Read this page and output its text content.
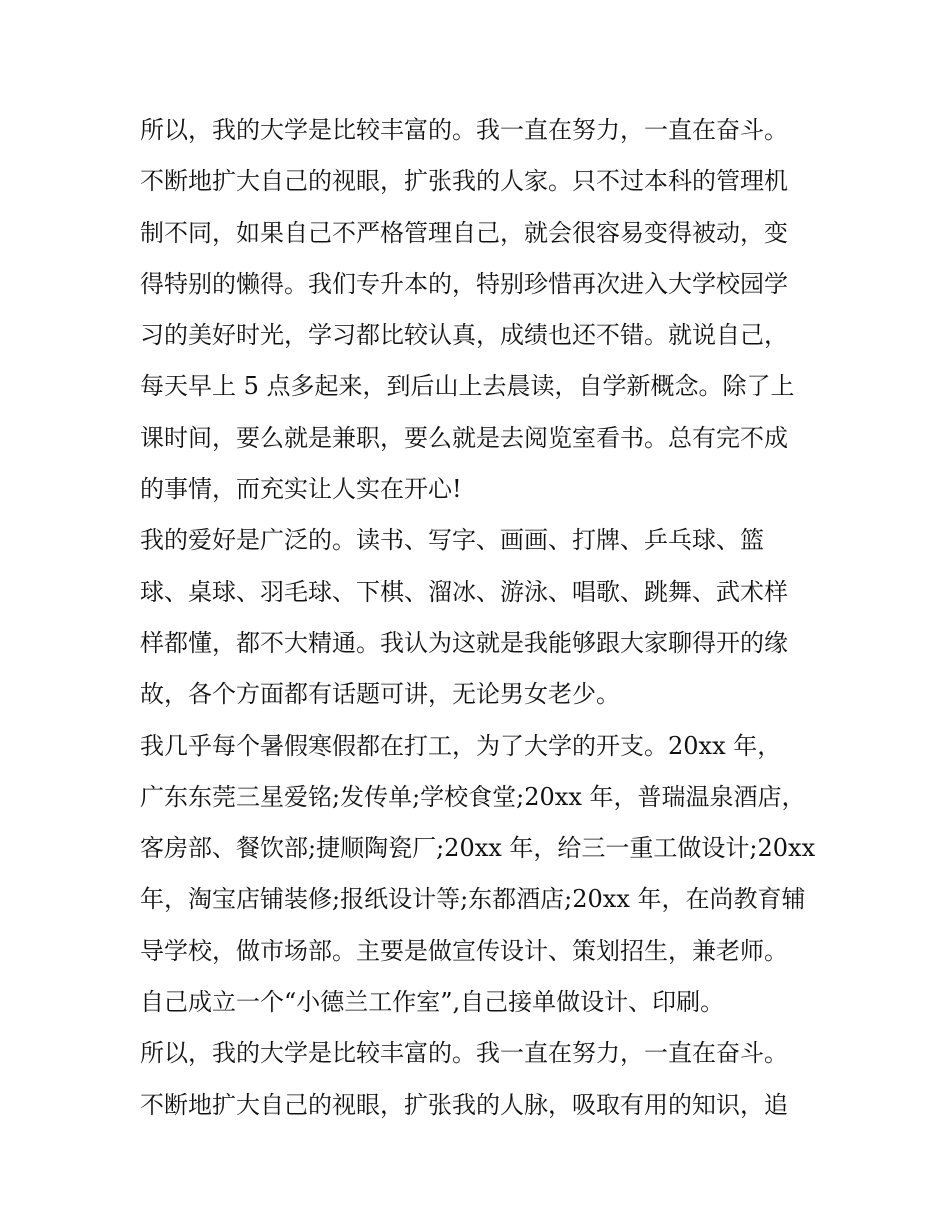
所以，我的大学是比较丰富的。我一直在努力，一直在奋斗。
不断地扩大自己的视眼，扩张我的人家。只不过本科的管理机
制不同，如果自己不严格管理自己，就会很容易变得被动，变
得特别的懒得。我们专升本的，特别珍惜再次进入大学校园学
习的美好时光，学习都比较认真，成绩也还不错。就说自己，
每天早上 5 点多起来，到后山上去晨读，自学新概念。除了上
课时间，要么就是兼职，要么就是去阅览室看书。总有完不成
的事情，而充实让人实在开心!
我的爱好是广泛的。读书、写字、画画、打牌、乒乓球、篮
球、桌球、羽毛球、下棋、溜冰、游泳、唱歌、跳舞、武术样
样都懂，都不大精通。我认为这就是我能够跟大家聊得开的缘
故，各个方面都有话题可讲，无论男女老少。
我几乎每个暑假寒假都在打工，为了大学的开支。20xx 年，
广东东莞三星爱铭;发传单;学校食堂;20xx 年，普瑞温泉酒店，
客房部、餐饮部;捷顺陶瓷厂;20xx 年，给三一重工做设计;20xx
年，淘宝店铺装修;报纸设计等;东都酒店;20xx 年，在尚教育辅
导学校，做市场部。主要是做宣传设计、策划招生，兼老师。
自己成立一个“小德兰工作室”,自己接单做设计、印刷。
所以，我的大学是比较丰富的。我一直在努力，一直在奋斗。
不断地扩大自己的视眼，扩张我的人脉，吸取有用的知识，追
